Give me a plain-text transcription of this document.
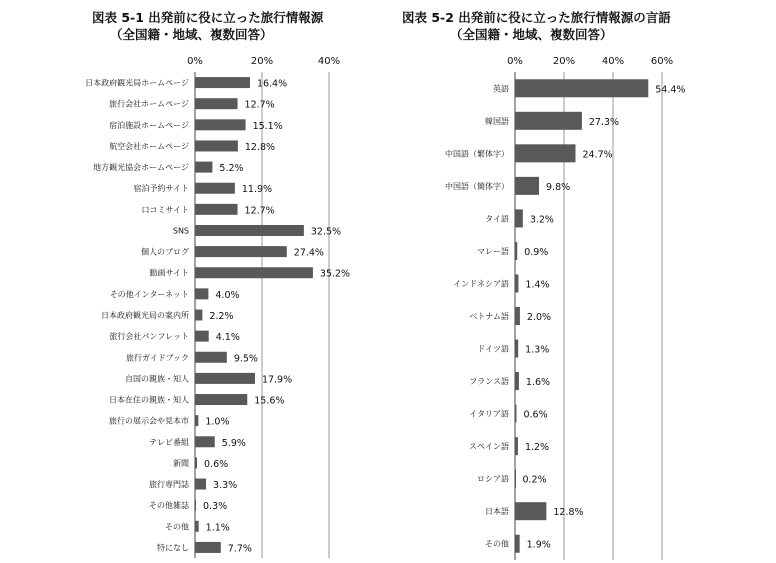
図表 5-1 出発前に役に立った旅行情報源
（全国籍・地域、複数回答）
0%	20%	40%
日本政府観光局ホームページ	16.4%
旅行会社ホームページ	12.7%
宿泊施設ホームページ	15.1%
航空会社ホームページ	12.8%
地方観光協会ホームページ	5.2%
宿泊予約サイト	11.9%
口コミサイト	12.7%
SNS	32.5%
個人のブログ	27.4%
動画サイト	35.2%
その他インターネット	4.0%
日本政府観光局の案内所 2.2%
旅行会社パンフレット	4.1%
旅行ガイドブック	9.5%
自国の親族・知人	17.9%
日本在住の親族・知人	15.6%
旅行の展示会や見本市 1.0%
テレビ番組	5.9%
新聞 0.6%
旅行専門誌	3.3%
その他雑誌 0.3%
その他 1.1%
特になし	7.7%
図表 5-2 出発前に役に立った旅行情報源の言語
（全国籍・地域、複数回答）
0%	20%	40%	60%
英語	54.4%
韓国語	27.3%
中国語（繁体字）	24.7%
中国語（簡体字）	9.8%
タイ語 3.2%
マレー語 0.9%
インドネシア語 1.4%
ベトナム語 2.0%
ドイツ語 1.3%
フランス語 1.6%
イタリア語 0.6%
スペイン語 1.2%
ロシア語 0.2%
日本語	12.8%
その他 1.9%
